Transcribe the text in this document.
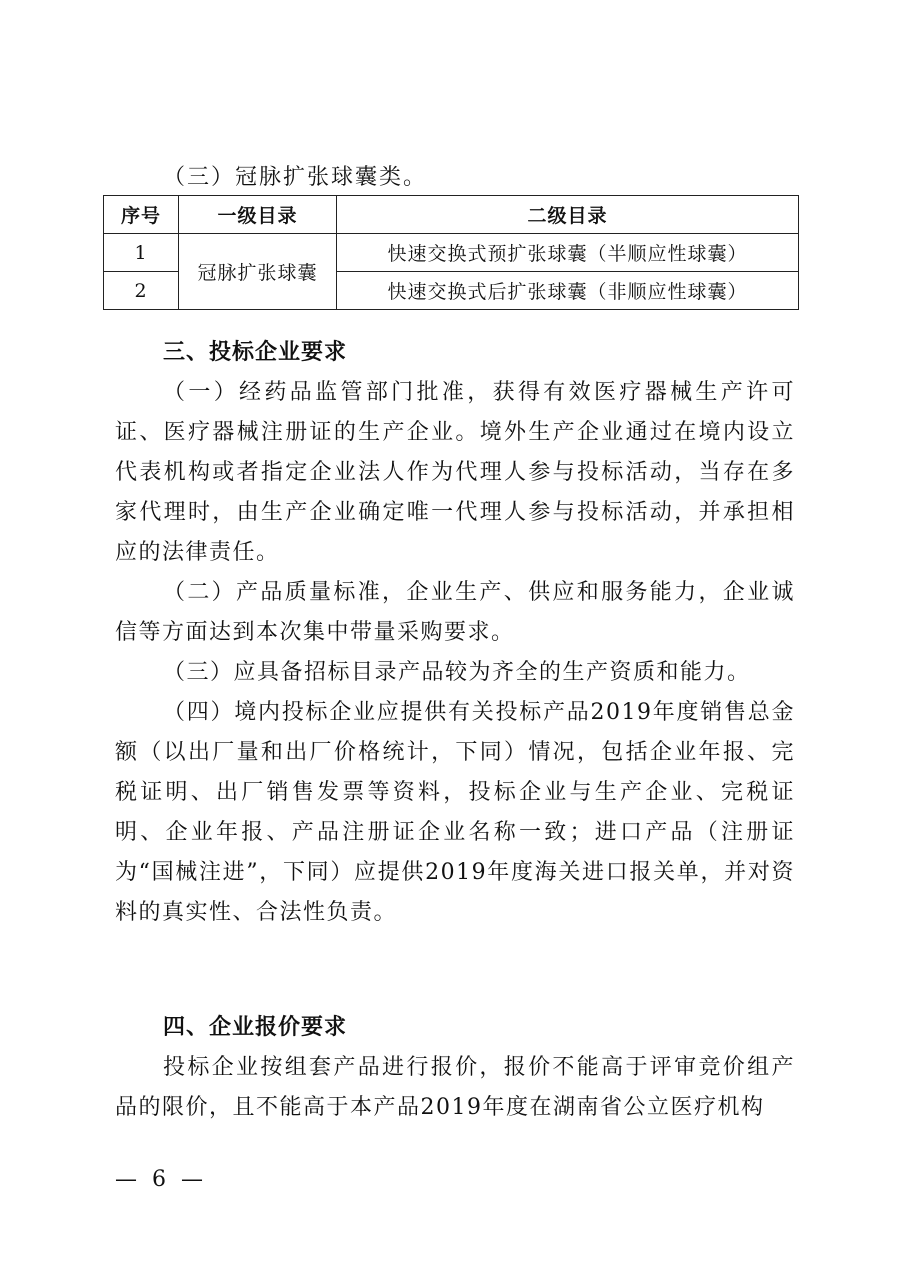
（三）冠脉扩张球囊类。
序号	一级目录	二级目录
1	冠脉扩张球囊	快速交换式预扩张球囊（半顺应性球囊）
2		快速交换式后扩张球囊（非顺应性球囊）

三、投标企业要求

（一）经药品监管部门批准，获得有效医疗器械生产许可证、医疗器械注册证的生产企业。境外生产企业通过在境内设立代表机构或者指定企业法人作为代理人参与投标活动，当存在多家代理时，由生产企业确定唯一代理人参与投标活动，并承担相应的法律责任。

（二）产品质量标准，企业生产、供应和服务能力，企业诚信等方面达到本次集中带量采购要求。

（三）应具备招标目录产品较为齐全的生产资质和能力。

（四）境内投标企业应提供有关投标产品2019年度销售总金额（以出厂量和出厂价格统计，下同）情况，包括企业年报、完税证明、出厂销售发票等资料，投标企业与生产企业、完税证明、企业年报、产品注册证企业名称一致；进口产品（注册证为“国械注进”，下同）应提供2019年度海关进口报关单，并对资料的真实性、合法性负责。

四、企业报价要求

投标企业按组套产品进行报价，报价不能高于评审竞价组产品的限价，且不能高于本产品2019年度在湖南省公立医疗机构

— 6 —
